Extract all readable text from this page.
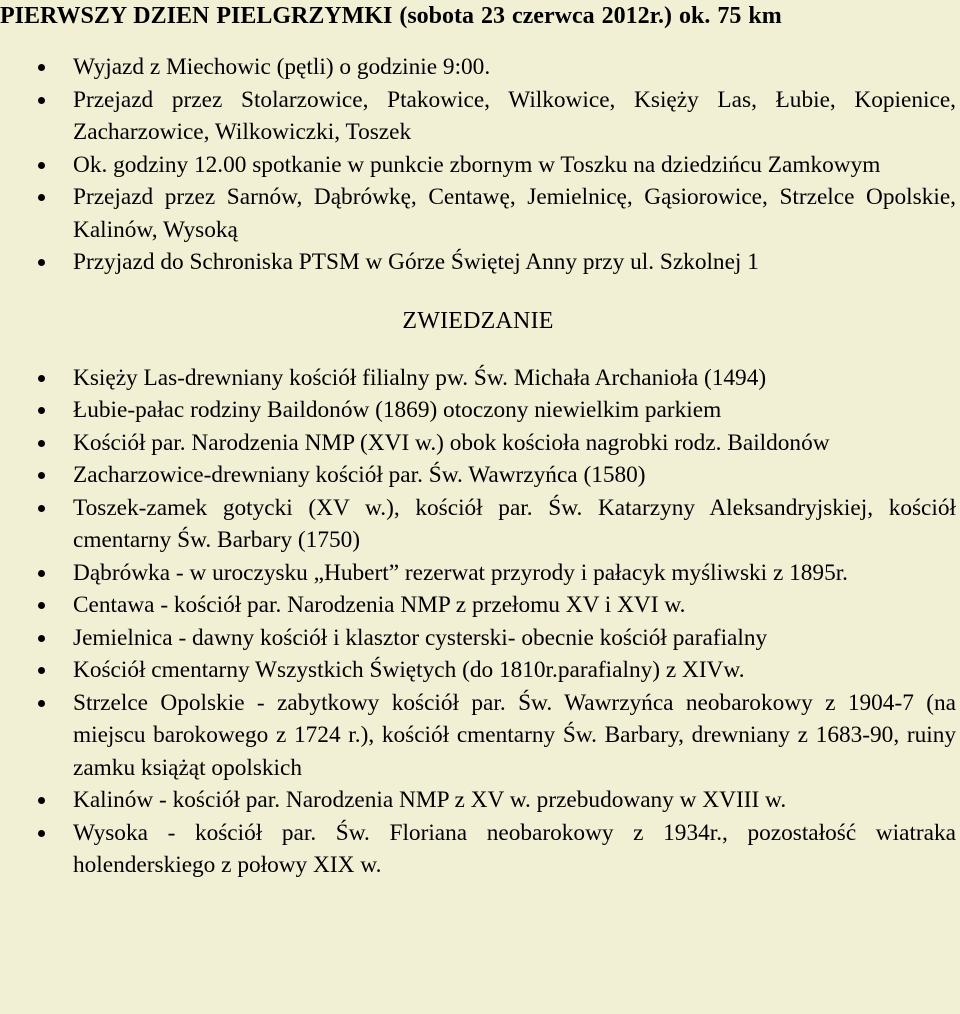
PIERWSZY DZIEN PIELGRZYMKI (sobota 23 czerwca 2012r.) ok. 75 km
Wyjazd z Miechowic (pętli) o godzinie 9:00.
Przejazd przez Stolarzowice, Ptakowice, Wilkowice, Księży Las, Łubie, Kopienice, Zacharzowice, Wilkowiczki, Toszek
Ok. godziny 12.00 spotkanie w punkcie zbornym w Toszku na dziedzińcu Zamkowym
Przejazd przez Sarnów, Dąbrówkę, Centawę, Jemielnicę, Gąsiorowice, Strzelce Opolskie, Kalinów, Wysoką
Przyjazd do Schroniska PTSM w Górze Świętej Anny przy ul. Szkolnej 1
ZWIEDZANIE
Księży Las-drewniany kościół filialny pw. Św. Michała Archanioła (1494)
Łubie-pałac rodziny Baildonów (1869) otoczony niewielkim parkiem
Kościół par. Narodzenia NMP (XVI w.) obok kościoła nagrobki rodz. Baildonów
Zacharzowice-drewniany kościół par. Św. Wawrzyńca (1580)
Toszek-zamek gotycki (XV w.), kościół par. Św. Katarzyny Aleksandryjskiej, kościół cmentarny Św. Barbary (1750)
Dąbrówka - w uroczysku „Hubert” rezerwat przyrody i pałacyk myśliwski z 1895r.
Centawa - kościół par. Narodzenia NMP z przełomu XV i XVI w.
Jemielnica - dawny kościół i klasztor cysterski- obecnie kościół parafialny
Kościół cmentarny Wszystkich Świętych (do 1810r.parafialny) z XIVw.
Strzelce Opolskie - zabytkowy kościół par. Św. Wawrzyńca neobarokowy z 1904-7 (na miejscu barokowego z 1724 r.), kościół cmentarny Św. Barbary, drewniany z 1683-90, ruiny zamku książąt opolskich
Kalinów - kościół par. Narodzenia NMP z XV w. przebudowany w XVIII w.
Wysoka - kościół par. Św. Floriana neobarokowy z 1934r., pozostałość wiatraka holenderskiego z połowy XIX w.
